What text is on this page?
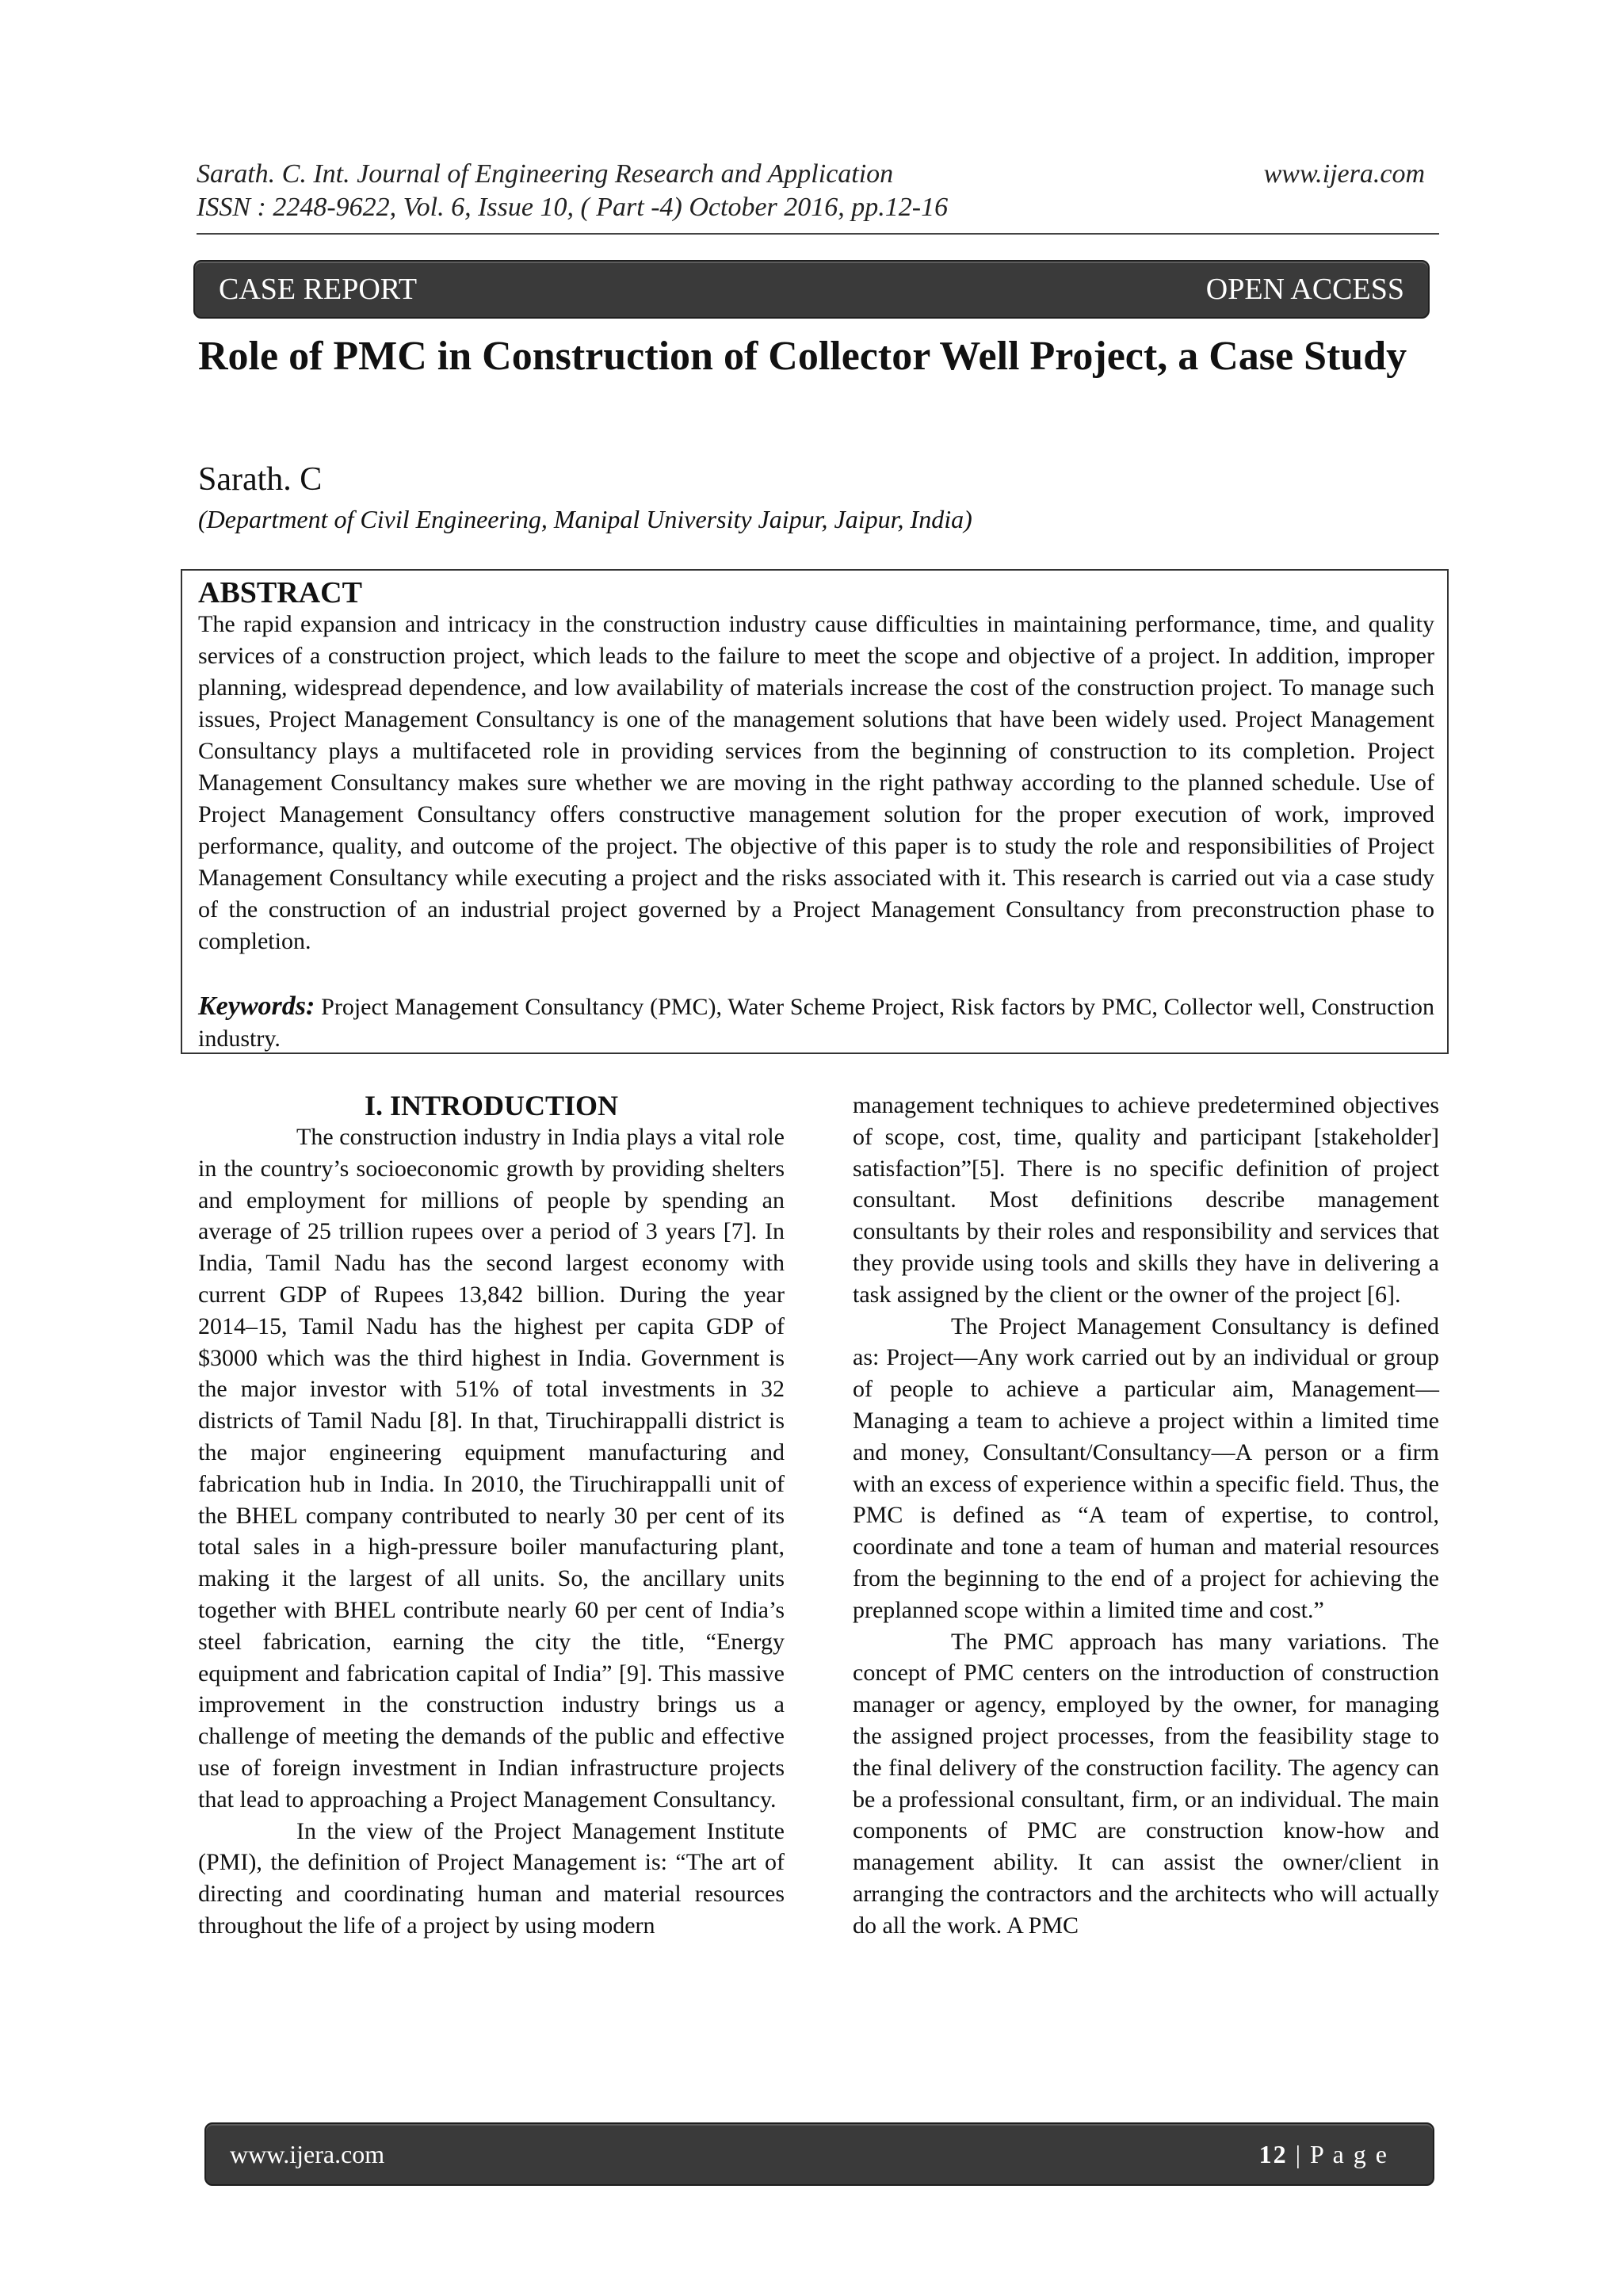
Sarath. C. Int. Journal of Engineering Research and Application
ISSN : 2248-9622, Vol. 6, Issue 10, ( Part -4) October 2016, pp.12-16
www.ijera.com
CASE REPORT	OPEN ACCESS
Role of PMC in Construction of Collector Well Project, a Case Study
Sarath. C
(Department of Civil Engineering, Manipal University Jaipur, Jaipur, India)
ABSTRACT
The rapid expansion and intricacy in the construction industry cause difficulties in maintaining performance, time, and quality services of a construction project, which leads to the failure to meet the scope and objective of a project. In addition, improper planning, widespread dependence, and low availability of materials increase the cost of the construction project. To manage such issues, Project Management Consultancy is one of the management solutions that have been widely used. Project Management Consultancy plays a multifaceted role in providing services from the beginning of construction to its completion. Project Management Consultancy makes sure whether we are moving in the right pathway according to the planned schedule. Use of Project Management Consultancy offers constructive management solution for the proper execution of work, improved performance, quality, and outcome of the project. The objective of this paper is to study the role and responsibilities of Project Management Consultancy while executing a project and the risks associated with it. This research is carried out via a case study of the construction of an industrial project governed by a Project Management Consultancy from preconstruction phase to completion.
Keywords: Project Management Consultancy (PMC), Water Scheme Project, Risk factors by PMC, Collector well, Construction industry.
I. INTRODUCTION

The construction industry in India plays a vital role in the country’s socioeconomic growth by providing shelters and employment for millions of people by spending an average of 25 trillion rupees over a period of 3 years [7]. In India, Tamil Nadu has the second largest economy with current GDP of Rupees 13,842 billion. During the year 2014–15, Tamil Nadu has the highest per capita GDP of $3000 which was the third highest in India. Government is the major investor with 51% of total investments in 32 districts of Tamil Nadu [8]. In that, Tiruchirappalli district is the major engineering equipment manufacturing and fabrication hub in India. In 2010, the Tiruchirappalli unit of the BHEL company contributed to nearly 30 per cent of its total sales in a high-pressure boiler manufacturing plant, making it the largest of all units. So, the ancillary units together with BHEL contribute nearly 60 per cent of India’s steel fabrication, earning the city the title, “Energy equipment and fabrication capital of India” [9]. This massive improvement in the construction industry brings us a challenge of meeting the demands of the public and effective use of foreign investment in Indian infrastructure projects that lead to approaching a Project Management Consultancy.

In the view of the Project Management Institute (PMI), the definition of Project Management is: “The art of directing and coordinating human and material resources throughout the life of a project by using modern

management techniques to achieve predetermined objectives of scope, cost, time, quality and participant [stakeholder] satisfaction”[5]. There is no specific definition of project consultant. Most definitions describe management consultants by their roles and responsibility and services that they provide using tools and skills they have in delivering a task assigned by the client or the owner of the project [6].

The Project Management Consultancy is defined as: Project—Any work carried out by an individual or group of people to achieve a particular aim, Management—Managing a team to achieve a project within a limited time and money, Consultant/Consultancy—A person or a firm with an excess of experience within a specific field. Thus, the PMC is defined as “A team of expertise, to control, coordinate and tone a team of human and material resources from the beginning to the end of a project for achieving the preplanned scope within a limited time and cost.”

The PMC approach has many variations. The concept of PMC centers on the introduction of construction manager or agency, employed by the owner, for managing the assigned project processes, from the feasibility stage to the final delivery of the construction facility. The agency can be a professional consultant, firm, or an individual. The main components of PMC are construction know-how and management ability. It can assist the owner/client in arranging the contractors and the architects who will actually do all the work. A PMC

www.ijera.com	12 | P a g e
